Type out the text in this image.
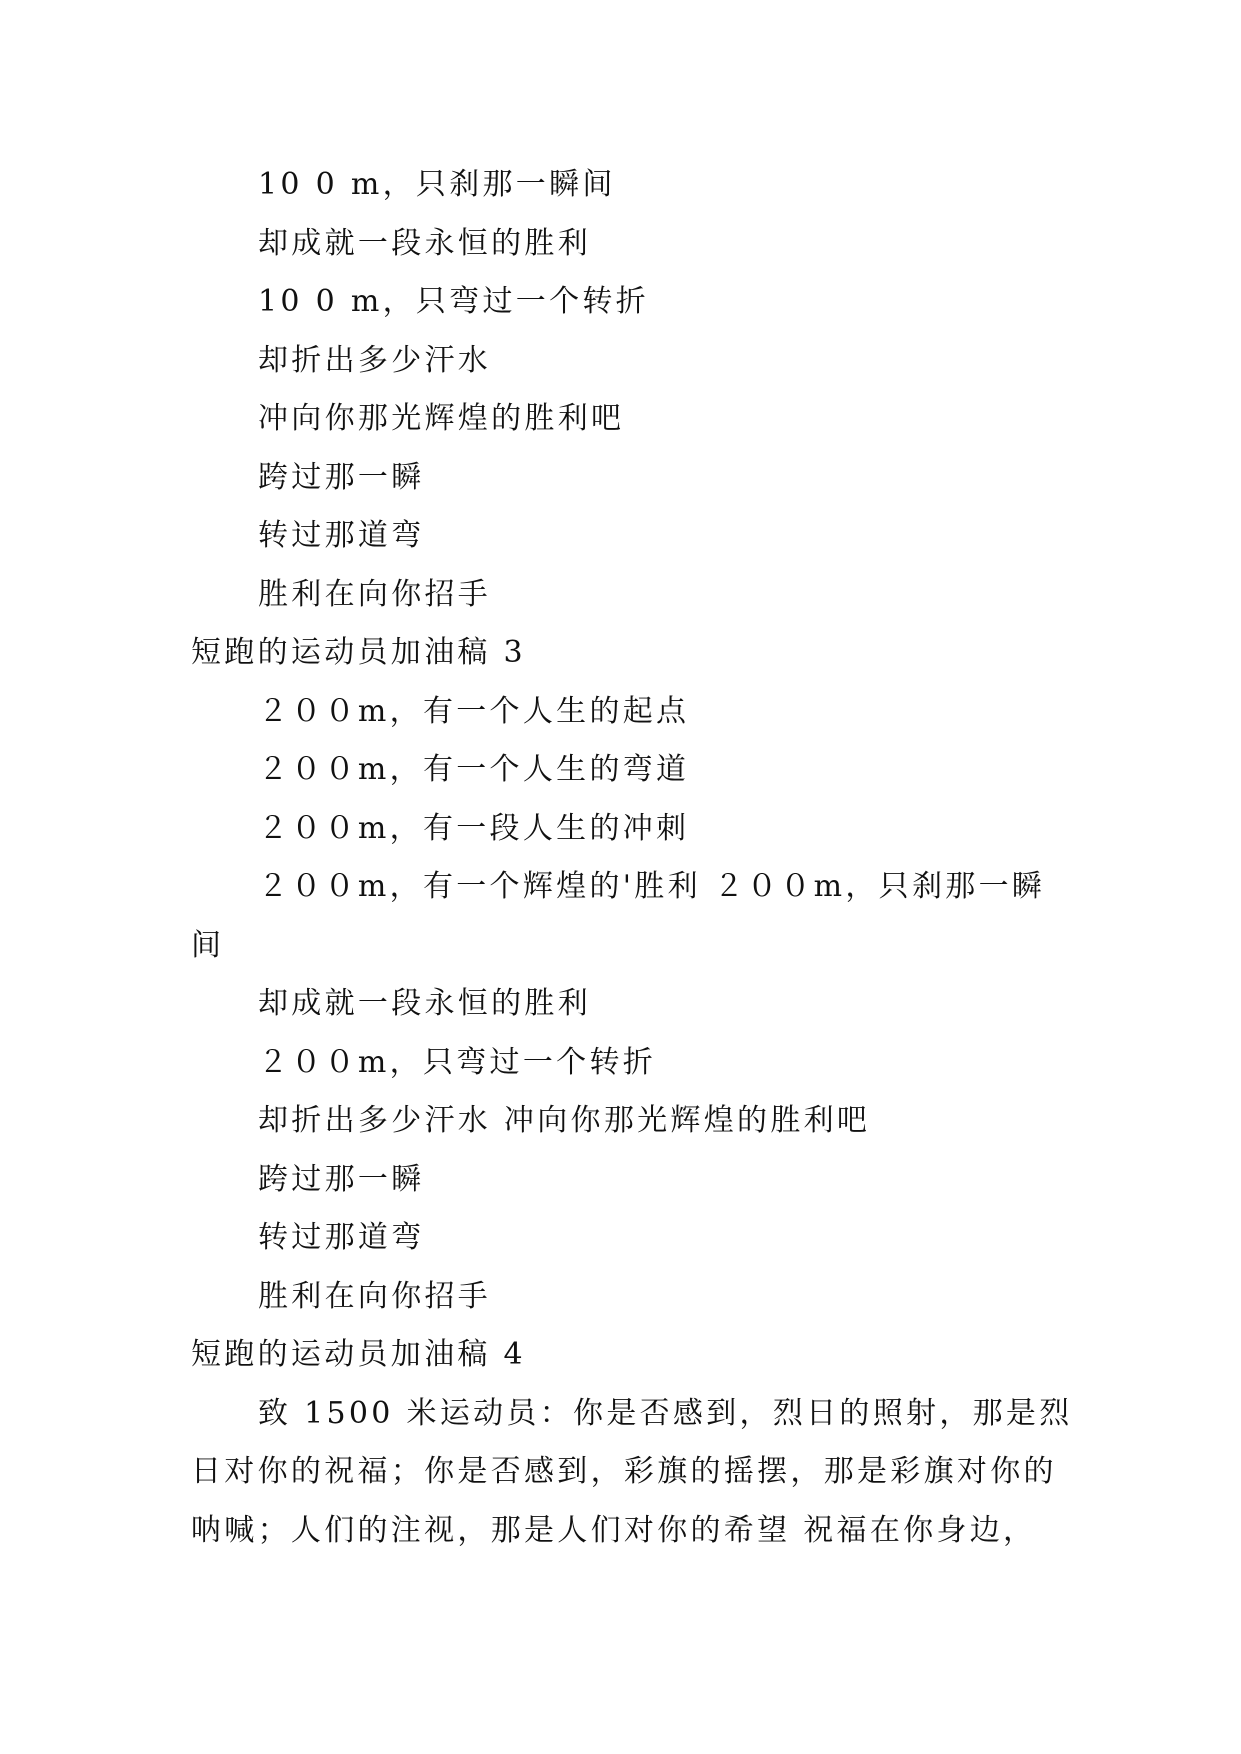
10 0 m，只刹那一瞬间

却成就一段永恒的胜利

10 0 m，只弯过一个转折

却折出多少汗水

冲向你那光辉煌的胜利吧

跨过那一瞬

转过那道弯

胜利在向你招手

短跑的运动员加油稿 3

２００m，有一个人生的起点

２００m，有一个人生的弯道

２００m，有一段人生的冲刺

２００m，有一个辉煌的'胜利 ２００m，只刹那一瞬

间

却成就一段永恒的胜利

２００m，只弯过一个转折

却折出多少汗水 冲向你那光辉煌的胜利吧

跨过那一瞬

转过那道弯

胜利在向你招手

短跑的运动员加油稿 4

致 1500 米运动员：你是否感到，烈日的照射，那是烈

日对你的祝福；你是否感到，彩旗的摇摆，那是彩旗对你的

呐喊；人们的注视，那是人们对你的希望 祝福在你身边，
